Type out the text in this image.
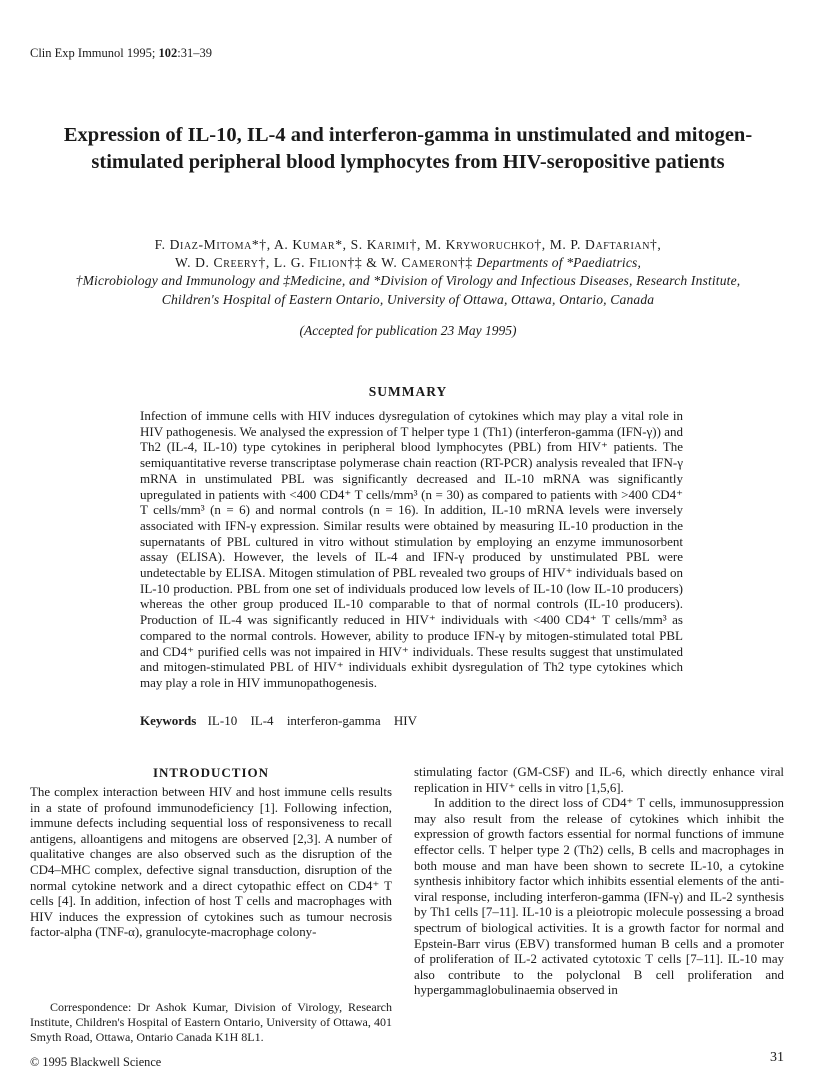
Clin Exp Immunol 1995; 102:31–39
Expression of IL-10, IL-4 and interferon-gamma in unstimulated and mitogen-stimulated peripheral blood lymphocytes from HIV-seropositive patients
F. Diaz-Mitoma*†, A. Kumar*, S. Karimi†, M. Kryworuchko†, M. P. Daftarian†,
W. D. Creery†, L. G. Filion†‡ & W. Cameron†‡ Departments of *Paediatrics,
†Microbiology and Immunology and ‡Medicine, and *Division of Virology and Infectious Diseases, Research Institute,
Children's Hospital of Eastern Ontario, University of Ottawa, Ottawa, Ontario, Canada
(Accepted for publication 23 May 1995)
SUMMARY
Infection of immune cells with HIV induces dysregulation of cytokines which may play a vital role in HIV pathogenesis. We analysed the expression of T helper type 1 (Th1) (interferon-gamma (IFN-γ)) and Th2 (IL-4, IL-10) type cytokines in peripheral blood lymphocytes (PBL) from HIV⁺ patients. The semiquantitative reverse transcriptase polymerase chain reaction (RT-PCR) analysis revealed that IFN-γ mRNA in unstimulated PBL was significantly decreased and IL-10 mRNA was significantly upregulated in patients with <400 CD4⁺ T cells/mm³ (n = 30) as compared to patients with >400 CD4⁺ T cells/mm³ (n = 6) and normal controls (n = 16). In addition, IL-10 mRNA levels were inversely associated with IFN-γ expression. Similar results were obtained by measuring IL-10 production in the supernatants of PBL cultured in vitro without stimulation by employing an enzyme immunosorbent assay (ELISA). However, the levels of IL-4 and IFN-γ produced by unstimulated PBL were undetectable by ELISA. Mitogen stimulation of PBL revealed two groups of HIV⁺ individuals based on IL-10 production. PBL from one set of individuals produced low levels of IL-10 (low IL-10 producers) whereas the other group produced IL-10 comparable to that of normal controls (IL-10 producers). Production of IL-4 was significantly reduced in HIV⁺ individuals with <400 CD4⁺ T cells/mm³ as compared to the normal controls. However, ability to produce IFN-γ by mitogen-stimulated total PBL and CD4⁺ purified cells was not impaired in HIV⁺ individuals. These results suggest that unstimulated and mitogen-stimulated PBL of HIV⁺ individuals exhibit dysregulation of Th2 type cytokines which may play a role in HIV immunopathogenesis.
Keywords IL-10 IL-4 interferon-gamma HIV
INTRODUCTION

The complex interaction between HIV and host immune cells results in a state of profound immunodeficiency [1]. Following infection, immune defects including sequential loss of responsiveness to recall antigens, alloantigens and mitogens are observed [2,3]. A number of qualitative changes are also observed such as the disruption of the CD4–MHC complex, defective signal transduction, disruption of the normal cytokine network and a direct cytopathic effect on CD4⁺ T cells [4]. In addition, infection of host T cells and macrophages with HIV induces the expression of cytokines such as tumour necrosis factor-alpha (TNF-α), granulocyte-macrophage colony-

stimulating factor (GM-CSF) and IL-6, which directly enhance viral replication in HIV⁺ cells in vitro [1,5,6].

In addition to the direct loss of CD4⁺ T cells, immunosuppression may also result from the release of cytokines which inhibit the expression of growth factors essential for normal functions of immune effector cells. T helper type 2 (Th2) cells, B cells and macrophages in both mouse and man have been shown to secrete IL-10, a cytokine synthesis inhibitory factor which inhibits essential elements of the anti-viral response, including interferon-gamma (IFN-γ) and IL-2 synthesis by Th1 cells [7–11]. IL-10 is a pleiotropic molecule possessing a broad spectrum of biological activities. It is a growth factor for normal and Epstein-Barr virus (EBV) transformed human B cells and a promoter of proliferation of IL-2 activated cytotoxic T cells [7–11]. IL-10 may also contribute to the polyclonal B cell proliferation and hypergammaglobulinaemia observed in

Correspondence: Dr Ashok Kumar, Division of Virology, Research Institute, Children's Hospital of Eastern Ontario, University of Ottawa, 401 Smyth Road, Ottawa, Ontario Canada K1H 8L1.
© 1995 Blackwell Science	31
